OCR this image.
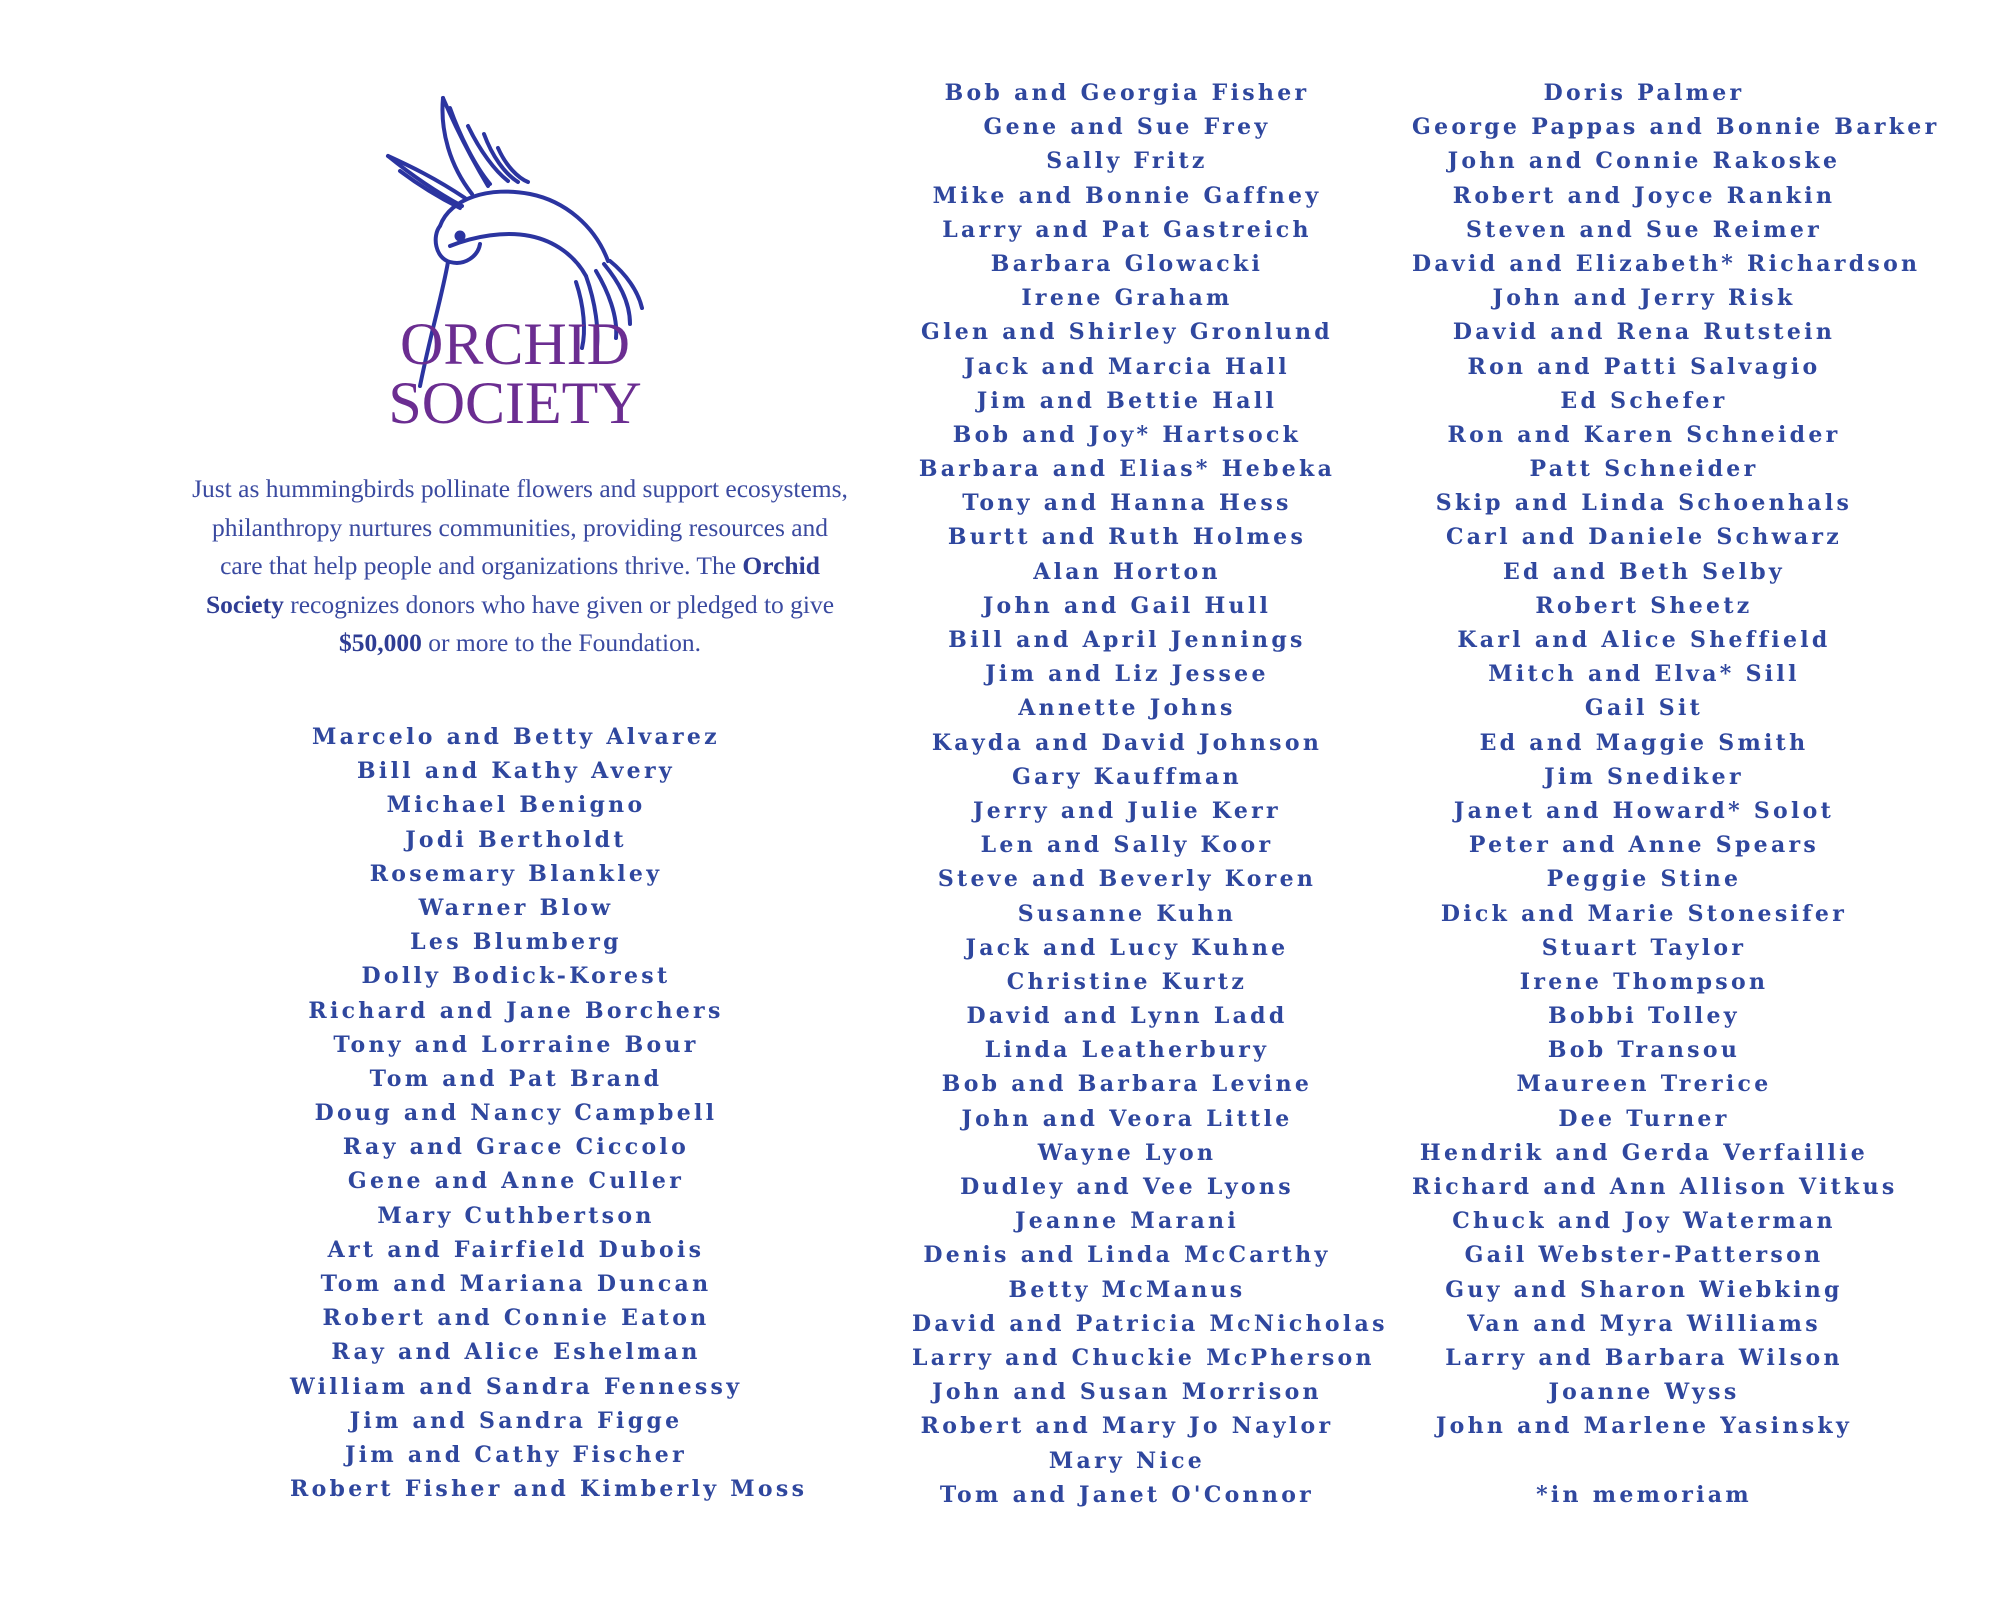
ORCHID
SOCIETY
Just as hummingbirds pollinate flowers and support ecosystems, philanthropy nurtures communities, providing resources and care that help people and organizations thrive. The Orchid Society recognizes donors who have given or pledged to give $50,000 or more to the Foundation.
Marcelo and Betty Alvarez
Bill and Kathy Avery
Michael Benigno
Jodi Bertholdt
Rosemary Blankley
Warner Blow
Les Blumberg
Dolly Bodick-Korest
Richard and Jane Borchers
Tony and Lorraine Bour
Tom and Pat Brand
Doug and Nancy Campbell
Ray and Grace Ciccolo
Gene and Anne Culler
Mary Cuthbertson
Art and Fairfield Dubois
Tom and Mariana Duncan
Robert and Connie Eaton
Ray and Alice Eshelman
William and Sandra Fennessy
Jim and Sandra Figge
Jim and Cathy Fischer
Robert Fisher and Kimberly Moss
Bob and Georgia Fisher
Gene and Sue Frey
Sally Fritz
Mike and Bonnie Gaffney
Larry and Pat Gastreich
Barbara Glowacki
Irene Graham
Glen and Shirley Gronlund
Jack and Marcia Hall
Jim and Bettie Hall
Bob and Joy* Hartsock
Barbara and Elias* Hebeka
Tony and Hanna Hess
Burtt and Ruth Holmes
Alan Horton
John and Gail Hull
Bill and April Jennings
Jim and Liz Jessee
Annette Johns
Kayda and David Johnson
Gary Kauffman
Jerry and Julie Kerr
Len and Sally Koor
Steve and Beverly Koren
Susanne Kuhn
Jack and Lucy Kuhne
Christine Kurtz
David and Lynn Ladd
Linda Leatherbury
Bob and Barbara Levine
John and Veora Little
Wayne Lyon
Dudley and Vee Lyons
Jeanne Marani
Denis and Linda McCarthy
Betty McManus
David and Patricia McNicholas
Larry and Chuckie McPherson
John and Susan Morrison
Robert and Mary Jo Naylor
Mary Nice
Tom and Janet O'Connor
Doris Palmer
George Pappas and Bonnie Barker
John and Connie Rakoske
Robert and Joyce Rankin
Steven and Sue Reimer
David and Elizabeth* Richardson
John and Jerry Risk
David and Rena Rutstein
Ron and Patti Salvagio
Ed Schefer
Ron and Karen Schneider
Patt Schneider
Skip and Linda Schoenhals
Carl and Daniele Schwarz
Ed and Beth Selby
Robert Sheetz
Karl and Alice Sheffield
Mitch and Elva* Sill
Gail Sit
Ed and Maggie Smith
Jim Snediker
Janet and Howard* Solot
Peter and Anne Spears
Peggie Stine
Dick and Marie Stonesifer
Stuart Taylor
Irene Thompson
Bobbi Tolley
Bob Transou
Maureen Trerice
Dee Turner
Hendrik and Gerda Verfaillie
Richard and Ann Allison Vitkus
Chuck and Joy Waterman
Gail Webster-Patterson
Guy and Sharon Wiebking
Van and Myra Williams
Larry and Barbara Wilson
Joanne Wyss
John and Marlene Yasinsky
*in memoriam
